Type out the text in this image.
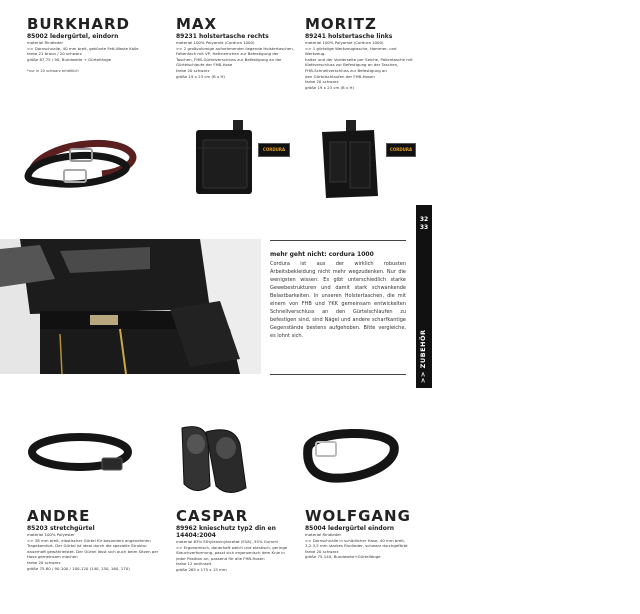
BURKHARD
85002 ledergürtel, eindorn
material Rindleder
>> Dornschnalle, 40 mm breit, gekürzte Fett-Waste Kolle
farbe 21 braun / 20 schwarz
größe 87,75 / 90, Bundweite + Gürtellänge
*nur in 20 schwarz erhältlich
MAX
89231 holstertasche rechts
material 100% Polyamid (Cordura 1000)
>> 2 großvolumige aufnehmender liegende Holstertaschen,
Faltenfach mit VP, Hettriemchen zur Befestigung der
Taschen, FHB-Gürtelverschluss zur Befestigung an der
Gürtelschlaufe der FHB-Hose
farbe 20 schwarz
größe 19 x 23 cm (B x H)
MORITZ
89241 holstertasche links
material 100% Polyamid (Cordura 1000)
>> 1 gürtelige Werkzeugtasche, Hammer- und Werkzeug-
halter und der Vorderseite per Seiche, Pallentasche mit
Klettverschluss zur Befestigung an der Taschen,
FHB-Schnellverschluss zur Befestigung an
den Gürtelschlaufen der FHB-Hosen
farbe 20 schwarz
größe 19 x 23 cm (B x H)
CORDURA	CORDURA
32
33
>> ZUBEHÖR
mehr geht nicht: cordura 1000
Cordura ist aus der wirklich robusten Arbeitsbekleidung nicht mehr wegzudenken. Nur die wenigsten wissen: Es gibt unterschiedlich starke Gewebestrukturen und damit stark schwankende Belastbarkeiten. In unseren Holstertaschen, die mit einem von FHB und YKK gemeinsam entwickelten Schnellverschluss an den Gürtelschlaufen zu befestigen sind, sind Nägel und andere scharfkantige Gegenstände bestens aufgehoben. Bitte vergleiche, es lohnt sich.
ANDRE
85203 stretchgürtel
material 100% Polyester
>> 38 mm breit, elastischer Gürtel für besonders angenehmen
Tragekomfort. Der Gürtel ist ideal durch die spezielle Struktur
dauerhaft gewährleistet. Der Gürtel lässt sich auch beim Sitzen per
Hose gemeinsam machen
farbe 20 schwarz
größe 75-80 / 90-100 / 100-120 (140, 150, 160, 170)
CASPAR
89962 knieschutz typ2 din en 14404:2004
material 63% Ethylenvinylacetat (EVA), 35% Gummi
>> Ergonomisch, dauerhaft weich und elastisch, geringe
Stauchverformung, passt sich ergonomisch dem Knie in
jeder Position an, passend für alle FHB-Hosen
farbe 12 anthrazit
größe 265 x 175 x 15 mm
WOLFGANG
85004 ledergürtel eindorn
material Rindleder
>> Dornschnalle in schädlicher Hase, 40 mm breit,
3,2-3,5 mm starkes Rindleder, schwarz durchgefärbt
farbe 20 schwarz
größe 75-140, Bundweite+Gürtellänge
